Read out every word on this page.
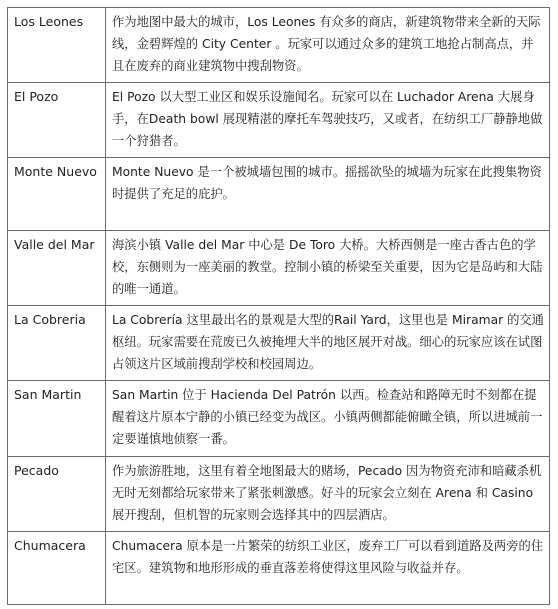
Los Leones	作为地图中最大的城市，Los Leones 有众多的商店，新建筑物带来全新的天际线，金碧辉煌的 City Center 。玩家可以通过众多的建筑工地抢占制高点，并且在废弃的商业建筑物中搜刮物资。
El Pozo	El Pozo 以大型工业区和娱乐设施闻名。玩家可以在 Luchador Arena 大展身手，在Death bowl 展现精湛的摩托车驾驶技巧，又或者，在纺织工厂静静地做一个狩猎者。
Monte Nuevo	Monte Nuevo 是一个被城墙包围的城市。摇摇欲坠的城墙为玩家在此搜集物资时提供了充足的庇护。
Valle del Mar	海滨小镇 Valle del Mar 中心是 De Toro 大桥。大桥西侧是一座古香古色的学校，东侧则为一座美丽的教堂。控制小镇的桥梁至关重要，因为它是岛屿和大陆的唯一通道。
La Cobreria	La Cobrería 这里最出名的景观是大型的Rail Yard，这里也是 Miramar 的交通枢纽。玩家需要在荒废已久被掩埋大半的地区展开对战。细心的玩家应该在试图占领这片区域前搜刮学校和校园周边。
San Martin	San Martin 位于 Hacienda Del Patrón 以西。检查站和路障无时不刻都在提醒着这片原本宁静的小镇已经变为战区。小镇两侧都能俯瞰全镇，所以进城前一定要谨慎地侦察一番。
Pecado	作为旅游胜地，这里有着全地图最大的赌场，Pecado 因为物资充沛和暗藏杀机无时无刻都给玩家带来了紧张刺激感。好斗的玩家会立刻在 Arena 和 Casino 展开搜刮，但机智的玩家则会选择其中的四层酒店。
Chumacera	Chumacera 原本是一片繁荣的纺织工业区，废弃工厂可以看到道路及两旁的住宅区。建筑物和地形形成的垂直落差将使得这里风险与收益并存。
